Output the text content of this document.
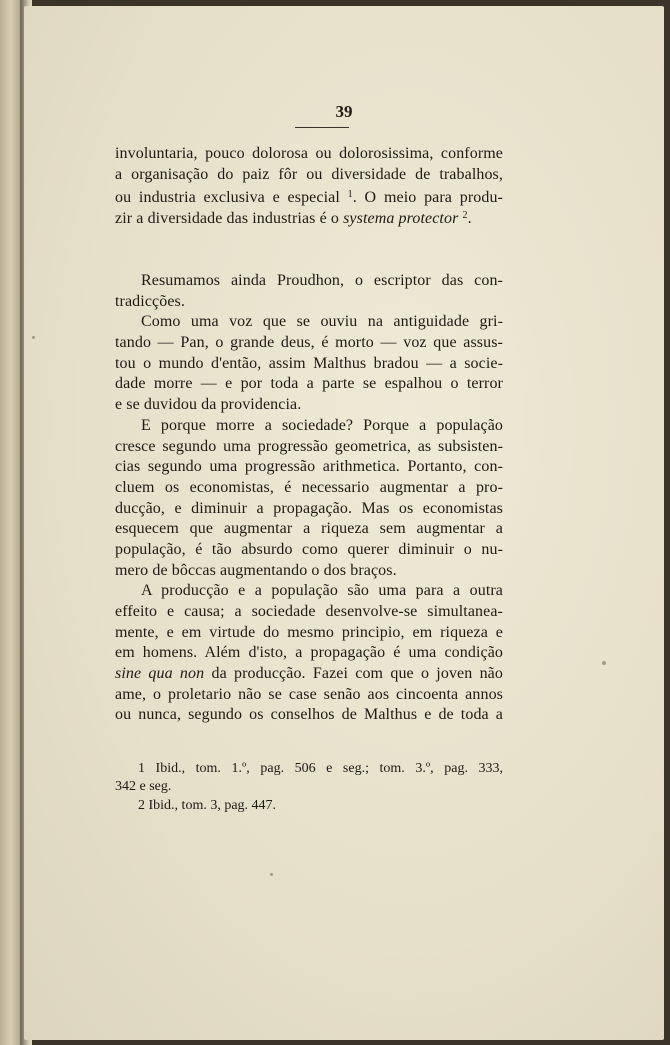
39
involuntaria, pouco dolorosa ou dolorosissima, conforme
a organisação do paiz fôr ou diversidade de trabalhos,
ou industria exclusiva e especial $^1$. O meio para produ-
zir a diversidade das industrias é o systema protector $^2$.
Resumamos ainda Proudhon, o escriptor das con-
tradicções.
Como uma voz que se ouviu na antiguidade gri-
tando — Pan, o grande deus, é morto — voz que assus-
tou o mundo d'então, assim Malthus bradou — a socie-
dade morre — e por toda a parte se espalhou o terror
e se duvidou da providencia.
E porque morre a sociedade? Porque a população
cresce segundo uma progressão geometrica, as subsisten-
cias segundo uma progressão arithmetica. Portanto, con-
cluem os economistas, é necessario augmentar a pro-
ducção, e diminuir a propagação. Mas os economistas
esquecem que augmentar a riqueza sem augmentar a
população, é tão absurdo como querer diminuir o nu-
mero de bôccas augmentando o dos braços.
A producção e a população são uma para a outra
effeito e causa; a sociedade desenvolve-se simultanea-
mente, e em virtude do mesmo principio, em riqueza e
em homens. Além d'isto, a propagação é uma condição
sine qua non da producção. Fazei com que o joven não
ame, o proletario não se case senão aos cincoenta annos
ou nunca, segundo os conselhos de Malthus e de toda a
1 Ibid., tom. 1.º, pag. 506 e seg.; tom. 3.º, pag. 333,
342 e seg.
2 Ibid., tom. 3, pag. 447.
